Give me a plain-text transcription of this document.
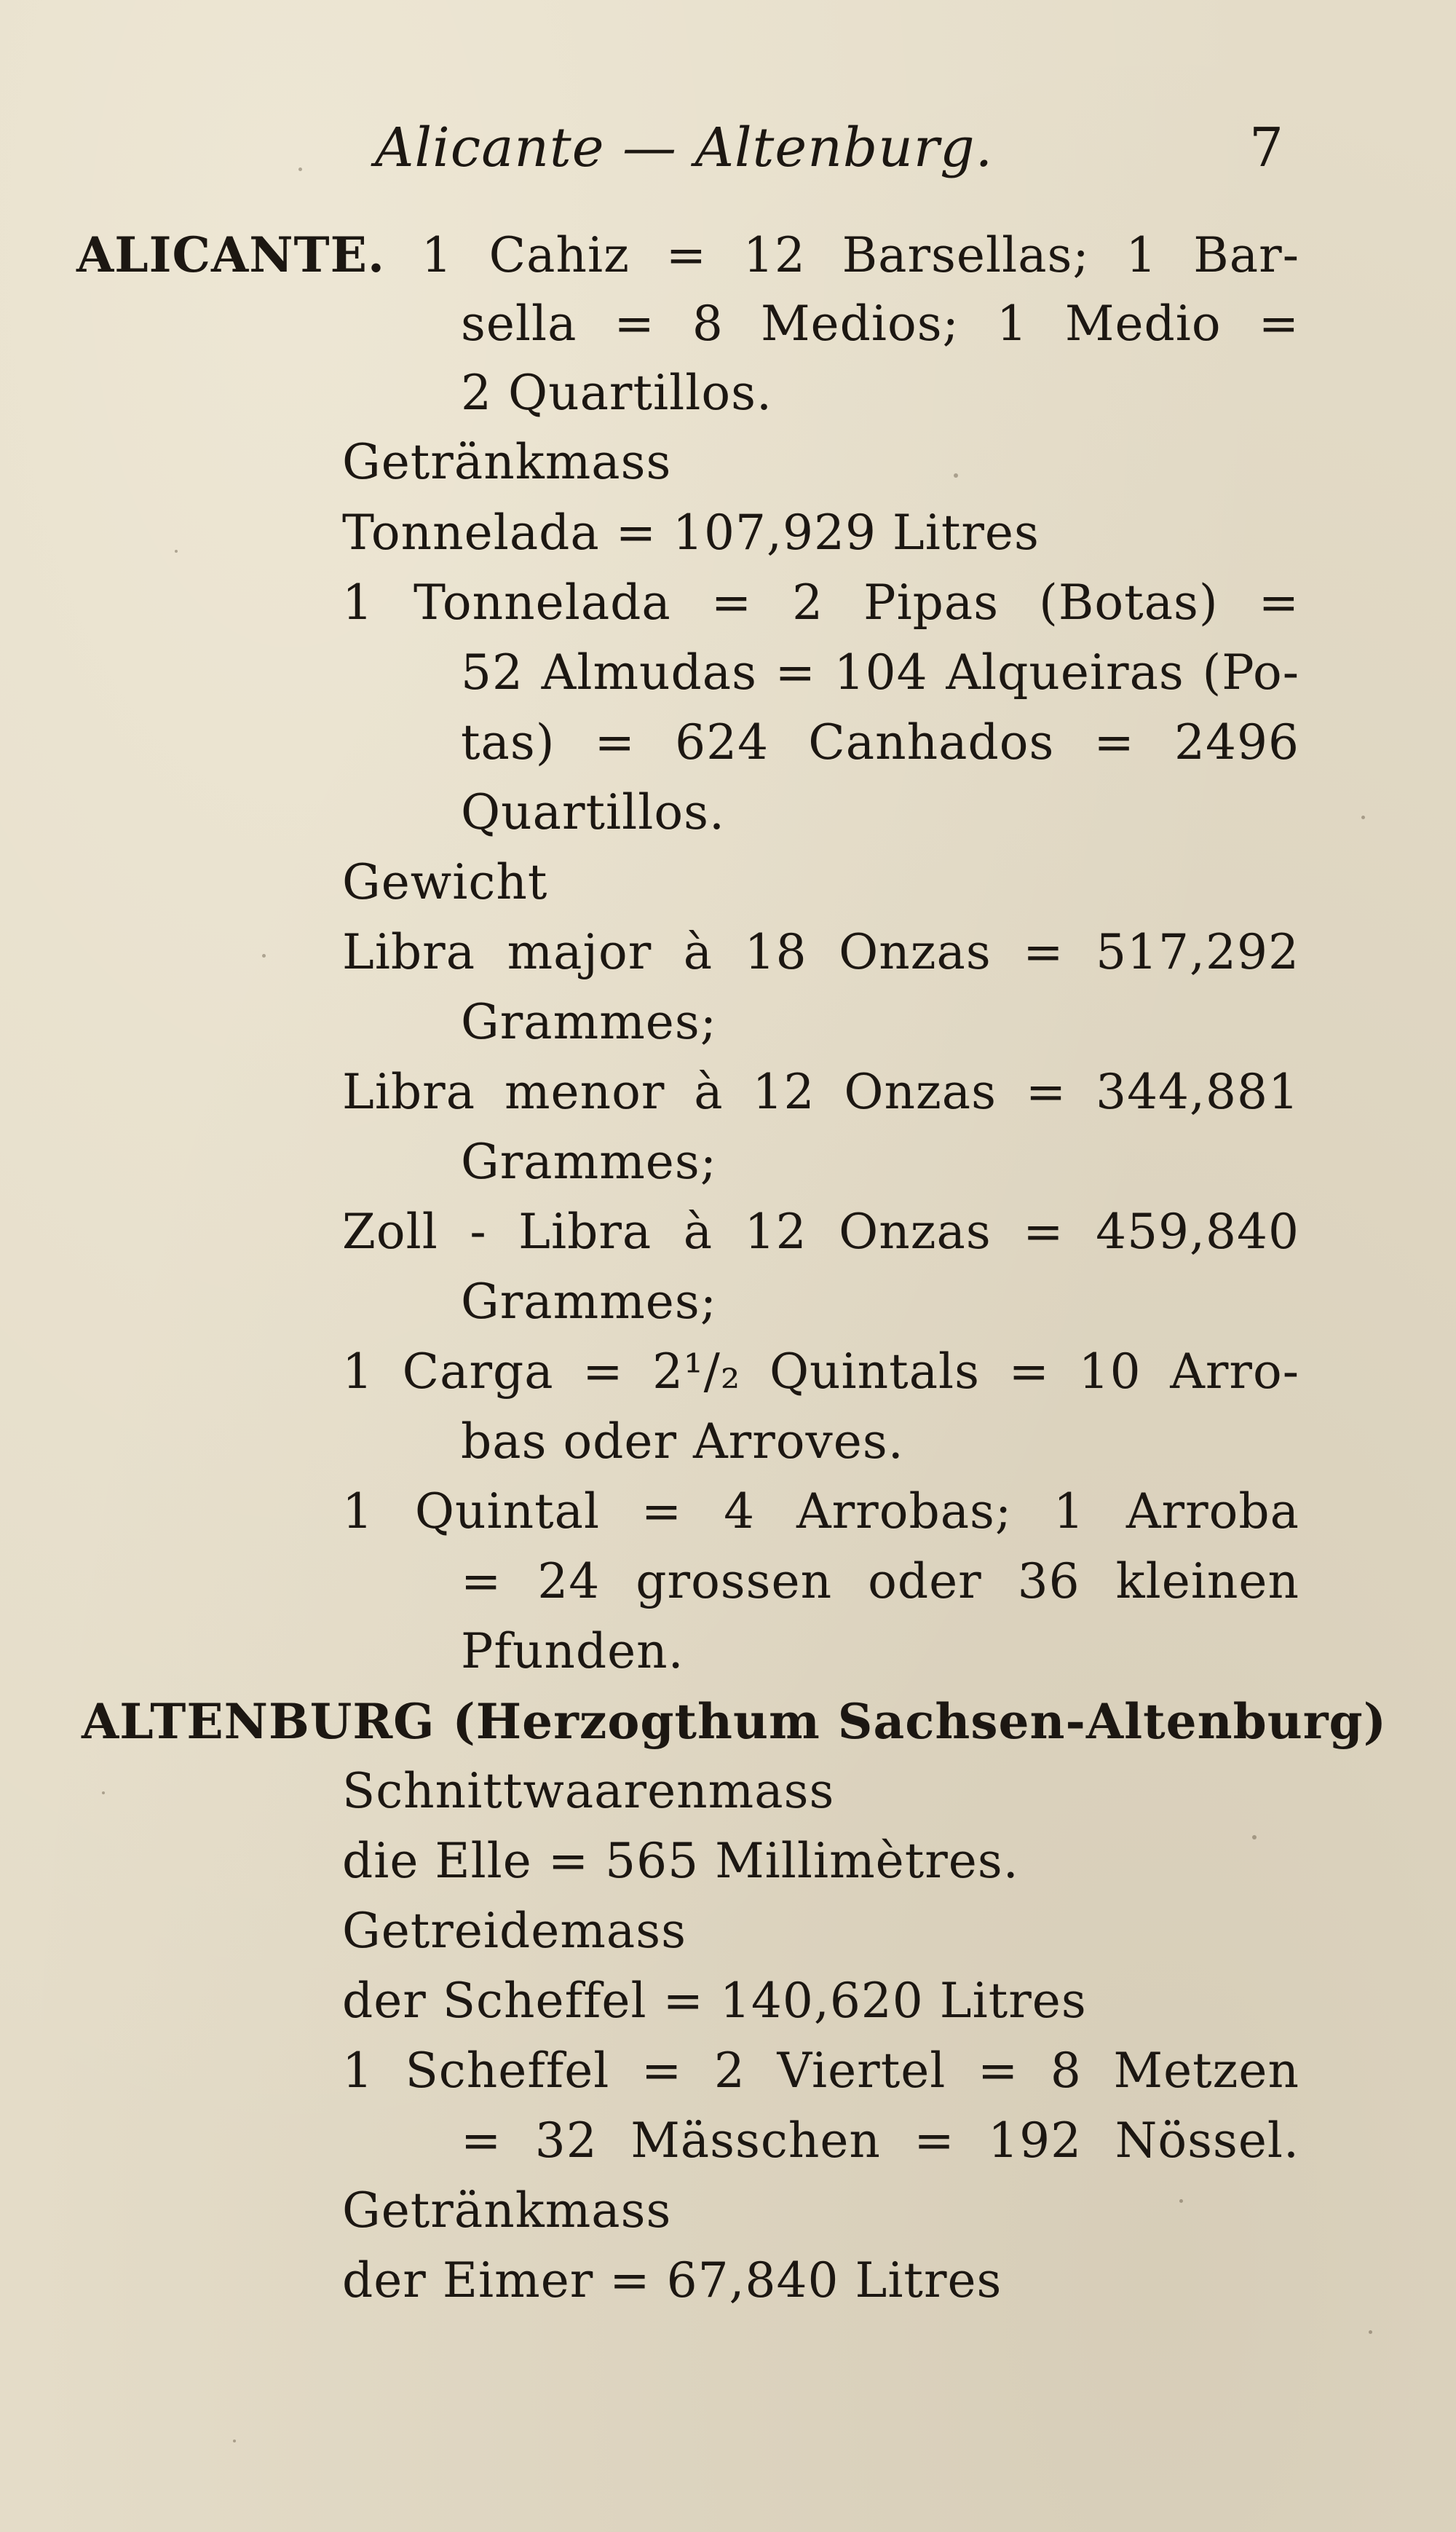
Alicante — Altenburg.	7
ALICANTE. 1 Cahiz = 12 Barsellas; 1 Bar-
sella = 8 Medios; 1 Medio =
2 Quartillos.
Getränkmass
Tonnelada = 107,929 Litres
1 Tonnelada = 2 Pipas (Botas) =
52 Almudas = 104 Alqueiras (Po-
tas) = 624 Canhados = 2496
Quartillos.
Gewicht
Libra major à 18 Onzas = 517,292
Grammes;
Libra menor à 12 Onzas = 344,881
Grammes;
Zoll - Libra à 12 Onzas = 459,840
Grammes;
1 Carga = 2¹/₂ Quintals = 10 Arro-
bas oder Arroves.
1 Quintal = 4 Arrobas; 1 Arroba
= 24 grossen oder 36 kleinen
Pfunden.
ALTENBURG (Herzogthum Sachsen-Altenburg)
Schnittwaarenmass
die Elle = 565 Millimètres.
Getreidemass
der Scheffel = 140,620 Litres
1 Scheffel = 2 Viertel = 8 Metzen
= 32 Mässchen = 192 Nössel.
Getränkmass
der Eimer = 67,840 Litres
